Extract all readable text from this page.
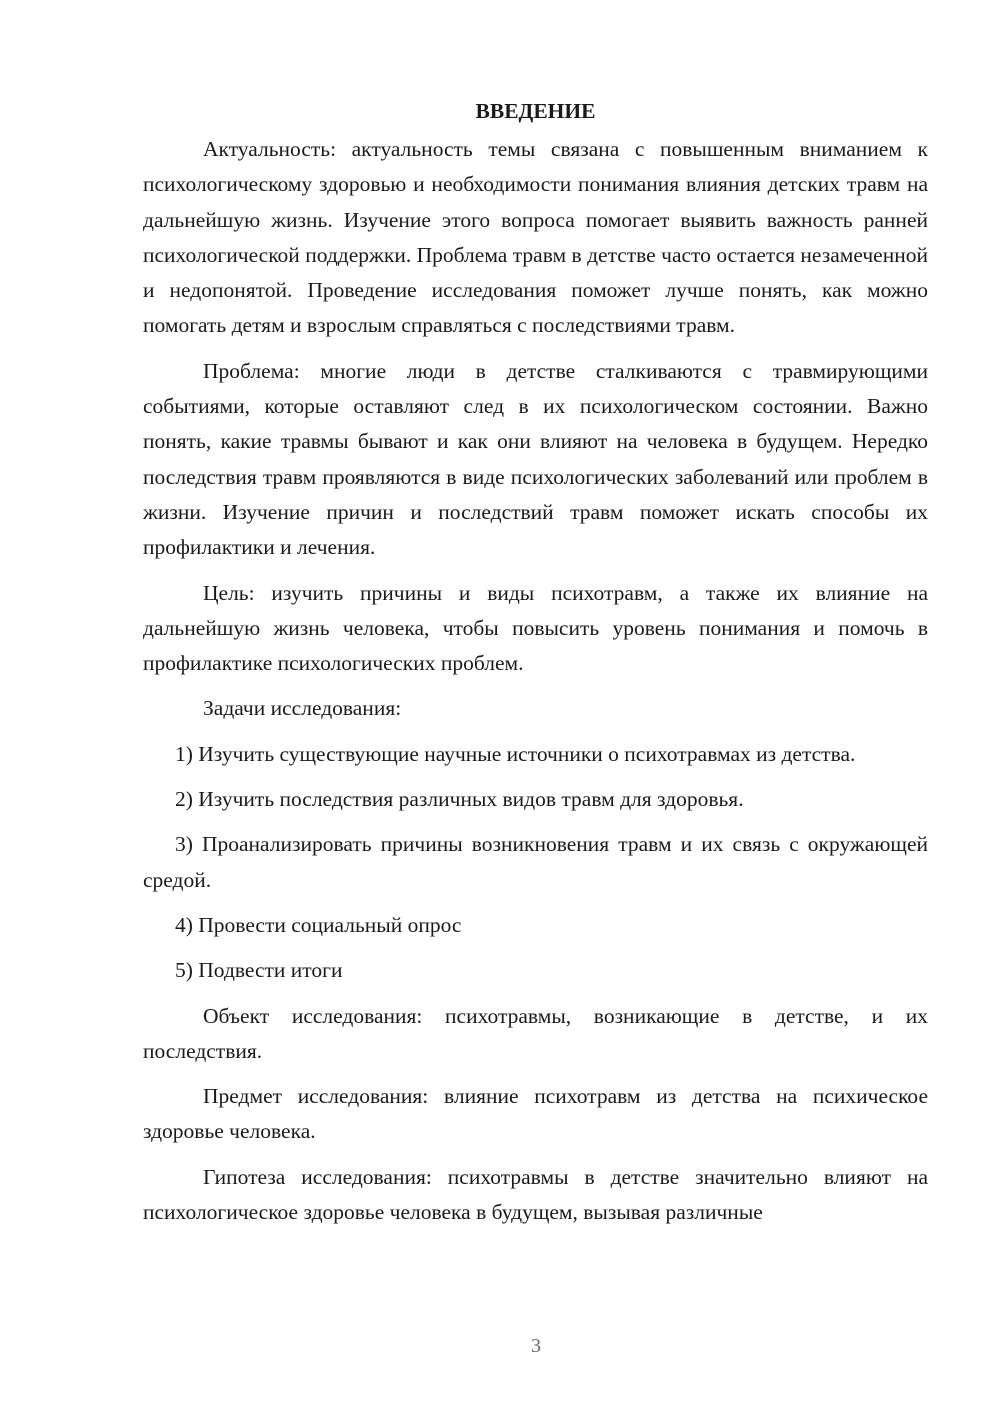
ВВЕДЕНИЕ

Актуальность: актуальность темы связана с повышенным вниманием к психологическому здоровью и необходимости понимания влияния детских травм на дальнейшую жизнь. Изучение этого вопроса помогает выявить важность ранней психологической поддержки. Проблема травм в детстве часто остается незамеченной и недопонятой. Проведение исследования поможет лучше понять, как можно помогать детям и взрослым справляться с последствиями травм.

Проблема: многие люди в детстве сталкиваются с травмирующими событиями, которые оставляют след в их психологическом состоянии. Важно понять, какие травмы бывают и как они влияют на человека в будущем. Нередко последствия травм проявляются в виде психологических заболеваний или проблем в жизни. Изучение причин и последствий травм поможет искать способы их профилактики и лечения.

Цель: изучить причины и виды психотравм, а также их влияние на дальнейшую жизнь человека, чтобы повысить уровень понимания и помочь в профилактике психологических проблем.

Задачи исследования:

1) Изучить существующие научные источники о психотравмах из детства.

2) Изучить последствия различных видов травм для здоровья.

3) Проанализировать причины возникновения травм и их связь с окружающей средой.

4) Провести социальный опрос

5) Подвести итоги

Объект исследования: психотравмы, возникающие в детстве, и их последствия.

Предмет исследования: влияние психотравм из детства на психическое здоровье человека.

Гипотеза исследования: психотравмы в детстве значительно влияют на психологическое здоровье человека в будущем, вызывая различные

3
